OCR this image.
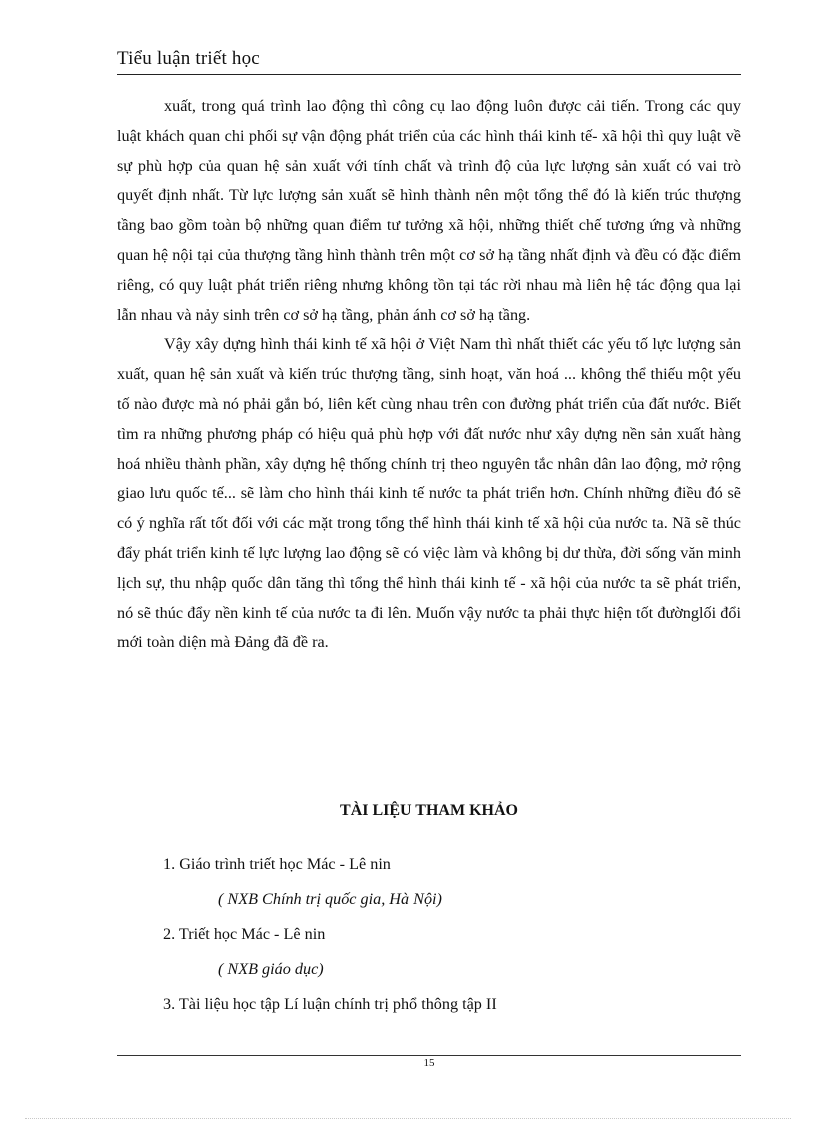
Tiểu luận triết học

xuất, trong quá trình lao động thì công cụ lao động luôn được cải tiến. Trong các quy luật khách quan chi phối sự vận động phát triển của các hình thái kinh tế- xã hội thì quy luật về sự phù hợp của quan hệ sản xuất với tính chất và trình độ của lực lượng sản xuất có vai trò quyết định nhất. Từ lực lượng sản xuất sẽ hình thành nên một tổng thể đó là kiến trúc thượng tầng bao gồm toàn bộ những quan điểm tư tưởng xã hội, những thiết chế tương ứng và những quan hệ nội tại của thượng tầng hình thành trên một cơ sở hạ tầng nhất định và đều có đặc điểm riêng, có quy luật phát triển riêng nhưng không tồn tại tác rời nhau mà liên hệ tác động qua lại lẫn nhau và nảy sinh trên cơ sở hạ tầng, phản ánh cơ sở hạ tầng.

Vậy xây dựng hình thái kinh tế xã hội ở Việt Nam thì nhất thiết các yếu tố lực lượng sản xuất, quan hệ sản xuất và kiến trúc thượng tầng, sinh hoạt, văn hoá ... không thể thiếu một yếu tố nào được mà nó phải gắn bó, liên kết cùng nhau trên con đường phát triển của đất nước. Biết tìm ra những phương pháp có hiệu quả phù hợp với đất nước như xây dựng nền sản xuất hàng hoá nhiều thành phần, xây dựng hệ thống chính trị theo nguyên tắc nhân dân lao động, mở rộng giao lưu quốc tế... sẽ làm cho hình thái kinh tế nước ta phát triển hơn. Chính những điều đó sẽ có ý nghĩa rất tốt đối với các mặt trong tổng thể hình thái kinh tế xã hội của nước ta. Nã sẽ thúc đẩy phát triển kinh tế lực lượng lao động sẽ có việc làm và không bị dư thừa, đời sống văn minh lịch sự, thu nhập quốc dân tăng thì tổng thể hình thái kinh tế - xã hội của nước ta sẽ phát triển, nó sẽ thúc đẩy nền kinh tế của nước ta đi lên. Muốn vậy nước ta phải thực hiện tốt đườnglối đổi mới toàn diện mà Đảng đã đề ra.

TÀI LIỆU THAM KHẢO
1. Giáo trình triết học Mác - Lê nin
( NXB Chính trị quốc gia, Hà Nội)
2. Triết học Mác - Lê nin
( NXB giáo dục)
3. Tài liệu học tập Lí luận chính trị phổ thông tập II
15
